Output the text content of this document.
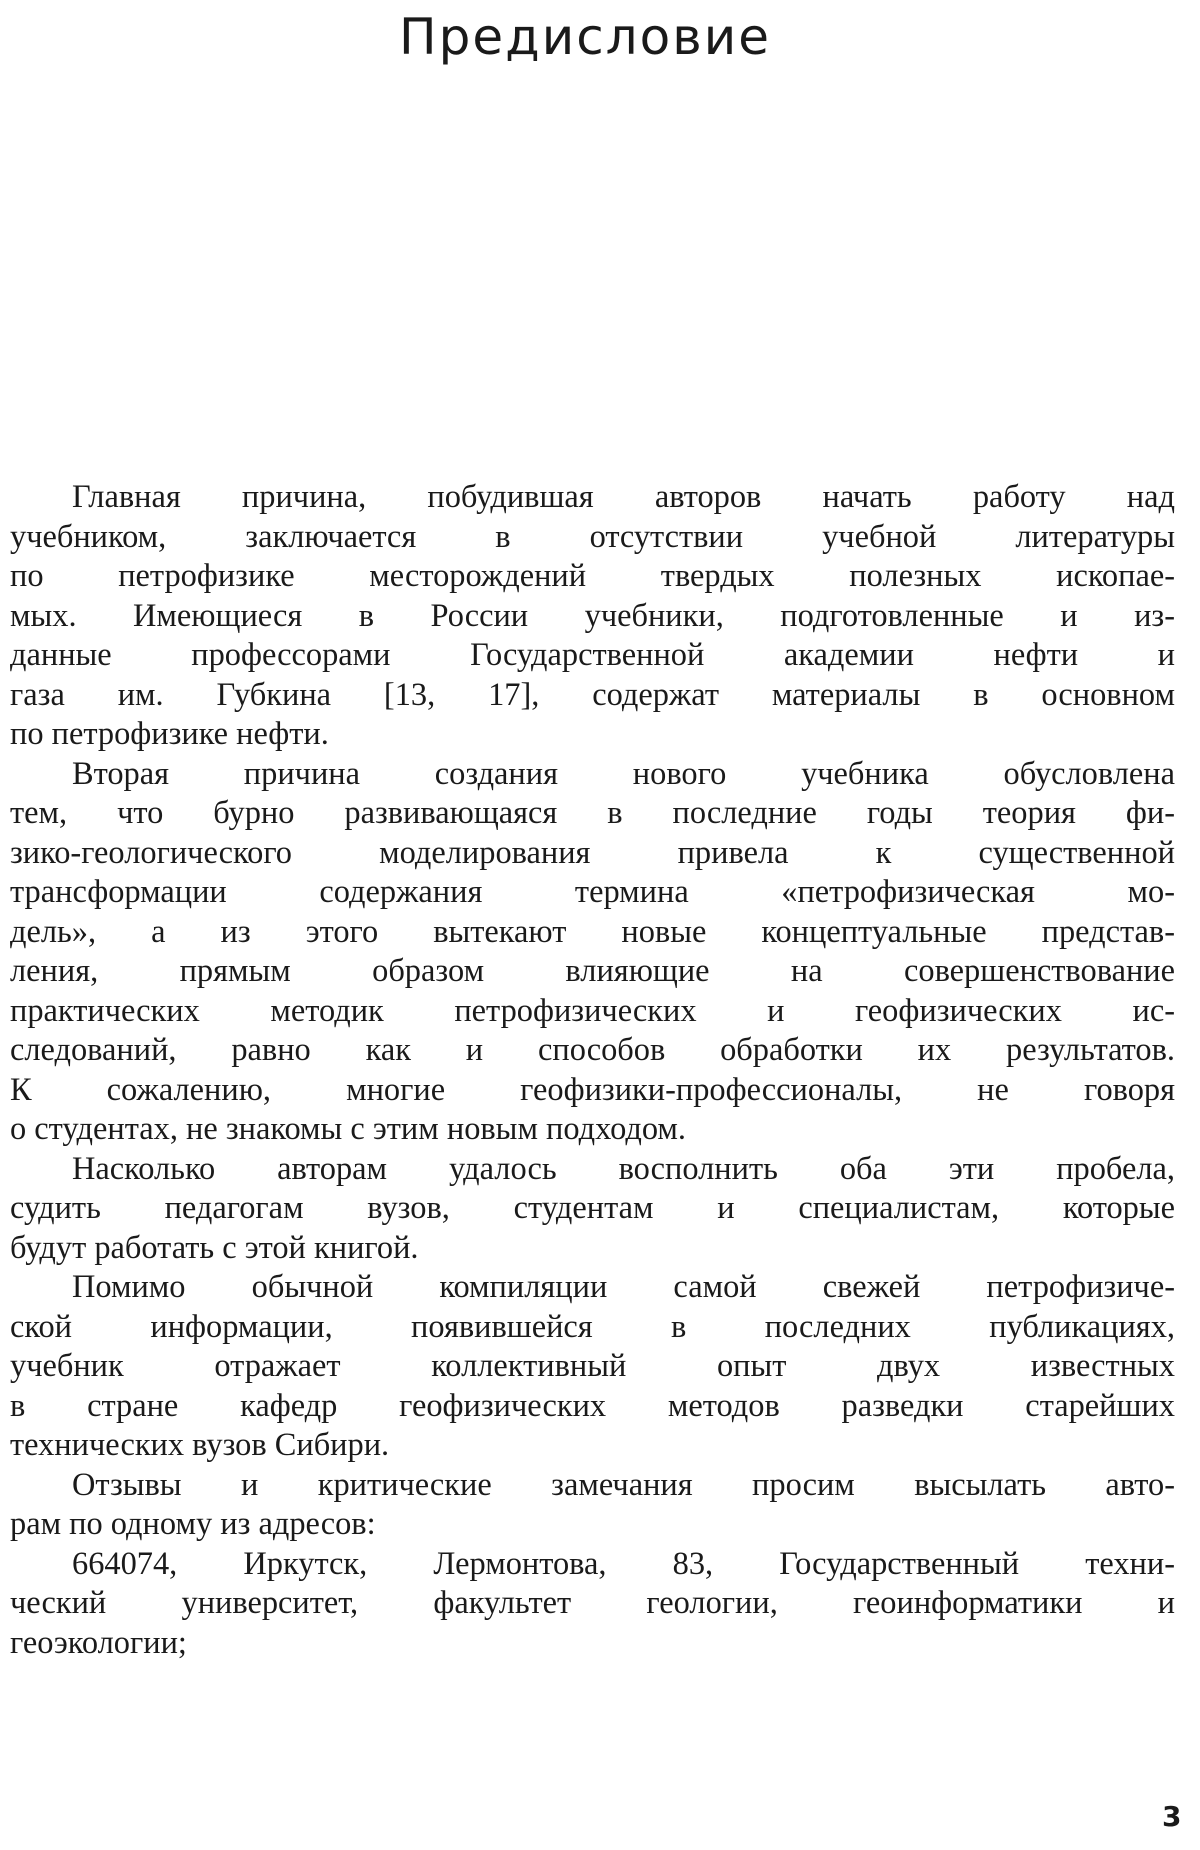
Предисловие
Главная причина, побудившая авторов начать работу над
учебником, заключается в отсутствии учебной литературы
по петрофизике месторождений твердых полезных ископае-
мых. Имеющиеся в России учебники, подготовленные и из-
данные профессорами Государственной академии нефти и
газа им. Губкина [13, 17], содержат материалы в основном
по петрофизике нефти.
Вторая причина создания нового учебника обусловлена
тем, что бурно развивающаяся в последние годы теория фи-
зико-геологического моделирования привела к существенной
трансформации содержания термина «петрофизическая мо-
дель», а из этого вытекают новые концептуальные представ-
ления, прямым образом влияющие на совершенствование
практических методик петрофизических и геофизических ис-
следований, равно как и способов обработки их результатов.
К сожалению, многие геофизики-профессионалы, не говоря
о студентах, не знакомы с этим новым подходом.
Насколько авторам удалось восполнить оба эти пробела,
судить педагогам вузов, студентам и специалистам, которые
будут работать с этой книгой.
Помимо обычной компиляции самой свежей петрофизиче-
ской информации, появившейся в последних публикациях,
учебник отражает коллективный опыт двух известных
в стране кафедр геофизических методов разведки старейших
технических вузов Сибири.
Отзывы и критические замечания просим высылать авто-
рам по одному из адресов:
664074, Иркутск, Лермонтова, 83, Государственный техни-
ческий университет, факультет геологии, геоинформатики и
геоэкологии;
3
